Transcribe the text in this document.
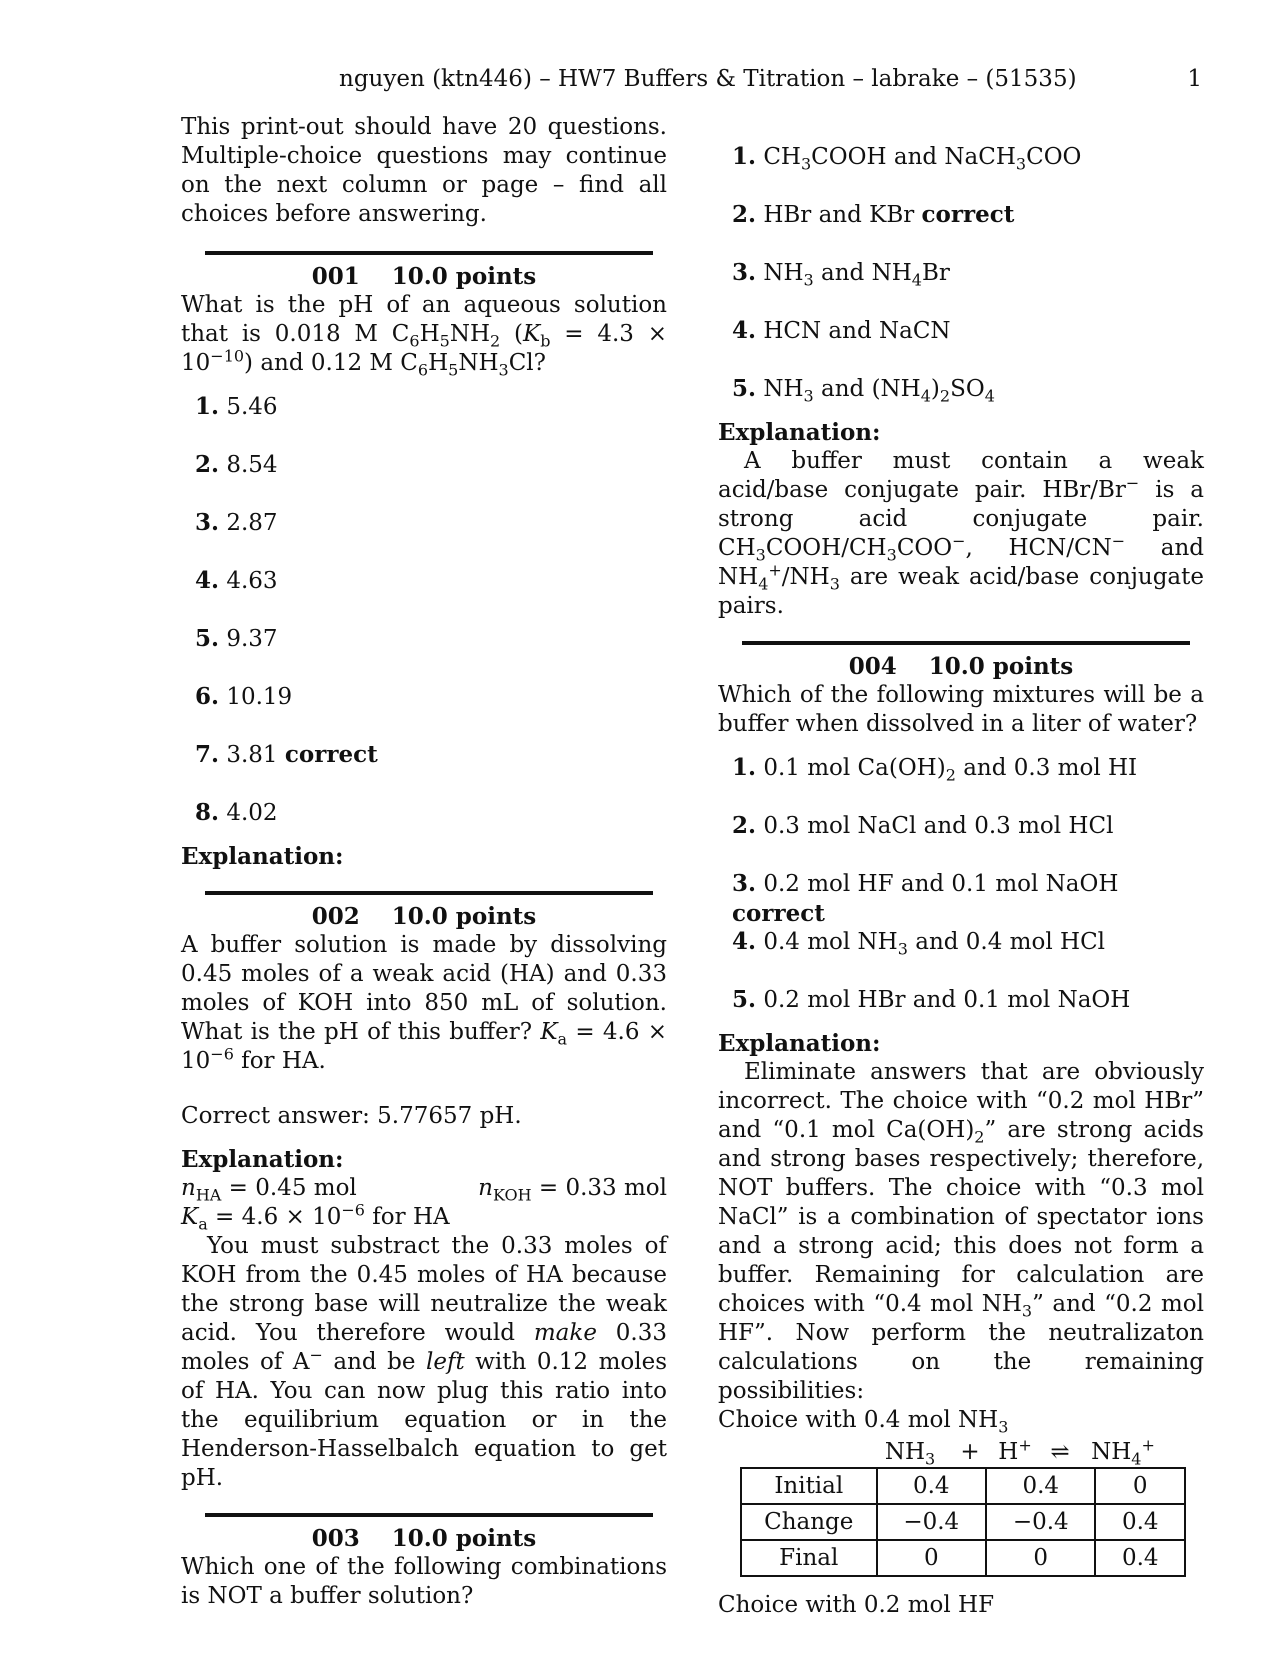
nguyen (ktn446) – HW7 Buffers & Titration – labrake – (51535)	1

This print-out should have 20 questions. Multiple-choice questions may continue on the next column or page – find all choices before answering.

001 10.0 points

What is the pH of an aqueous solution that is 0.018 M $C_6H_5NH_2$ $(K_b = 4.3 \times 10^{-10})$ and 0.12 M $C_6H_5NH_3Cl$?

1. 5.46
2. 8.54
3. 2.87
4. 4.63
5. 9.37
6. 10.19
7. 3.81 correct
8. 4.02

Explanation:

002 10.0 points

A buffer solution is made by dissolving 0.45 moles of a weak acid (HA) and 0.33 moles of KOH into 850 mL of solution. What is the pH of this buffer? $K_a = 4.6 \times 10^{-6}$ for HA.

Correct answer: 5.77657 pH.

Explanation:

$n_{HA} = 0.45$ mol	$n_{KOH} = 0.33$ mol

$K_a = 4.6 \times 10^{-6}$ for HA

You must substract the 0.33 moles of KOH from the 0.45 moles of HA because the strong base will neutralize the weak acid. You therefore would make 0.33 moles of A− and be left with 0.12 moles of HA. You can now plug this ratio into the equilibrium equation or in the Henderson-Hasselbalch equation to get pH.

003 10.0 points

Which one of the following combinations is NOT a buffer solution?

1. $CH_3COOH$ and NaCH$_3$COO
2. HBr and KBr correct
3. $NH_3$ and $NH_4Br$
4. HCN and NaCN
5. $NH_3$ and $(NH_4)_2SO_4$

Explanation:

A buffer must contain a weak acid/base conjugate pair. HBr/Br− is a strong acid conjugate pair. $CH_3COOH/CH_3COO^-$, HCN/CN− and $NH_4^+/NH_3$ are weak acid/base conjugate pairs.

004 10.0 points

Which of the following mixtures will be a buffer when dissolved in a liter of water?

1. 0.1 mol $Ca(OH)_2$ and 0.3 mol HI
2. 0.3 mol NaCl and 0.3 mol HCl
3. 0.2 mol HF and 0.1 mol NaOH correct
4. 0.4 mol $NH_3$ and 0.4 mol HCl
5. 0.2 mol HBr and 0.1 mol NaOH

Explanation:

Eliminate answers that are obviously incorrect. The choice with “0.2 mol HBr” and “0.1 mol $Ca(OH)_2$” are strong acids and strong bases respectively; therefore, NOT buffers. The choice with “0.3 mol NaCl” is a combination of spectator ions and a strong acid; this does not form a buffer. Remaining for calculation are choices with “0.4 mol $NH_3$” and “0.2 mol HF”. Now perform the neutralizaton calculations on the remaining possibilities:

Choice with 0.4 mol $NH_3$

$NH_3$	+ H+ ⇌ $NH_4^+$
Initial	0.4	0.4	0
Change	−0.4	−0.4	0.4
Final	0	0	0.4

Choice with 0.2 mol HF
